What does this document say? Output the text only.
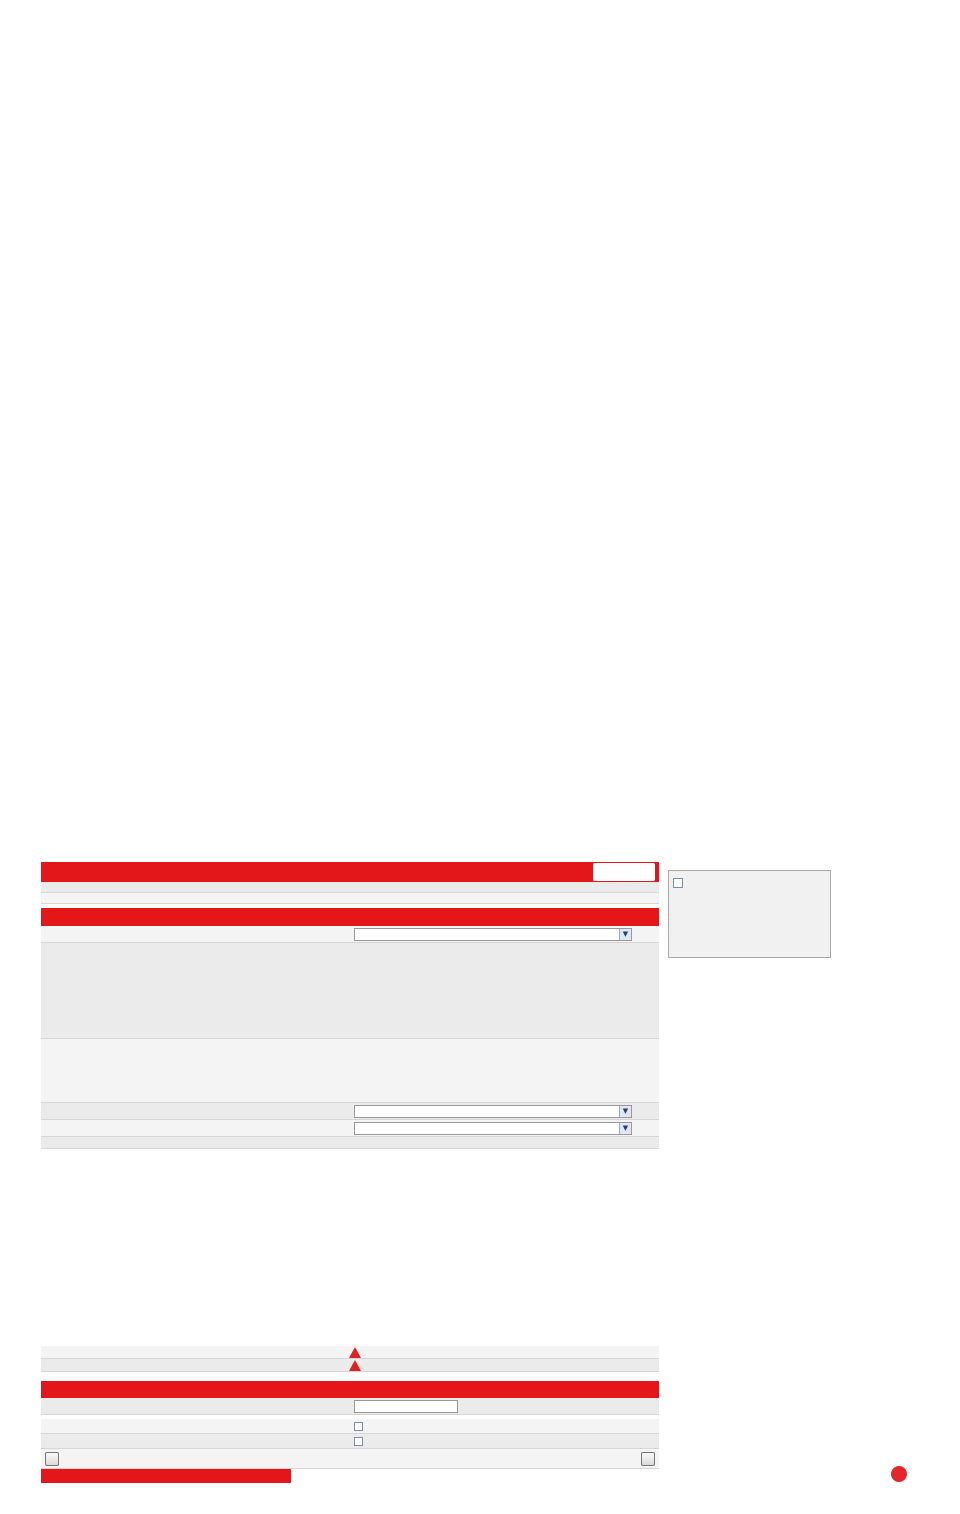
▼
▼
▼
